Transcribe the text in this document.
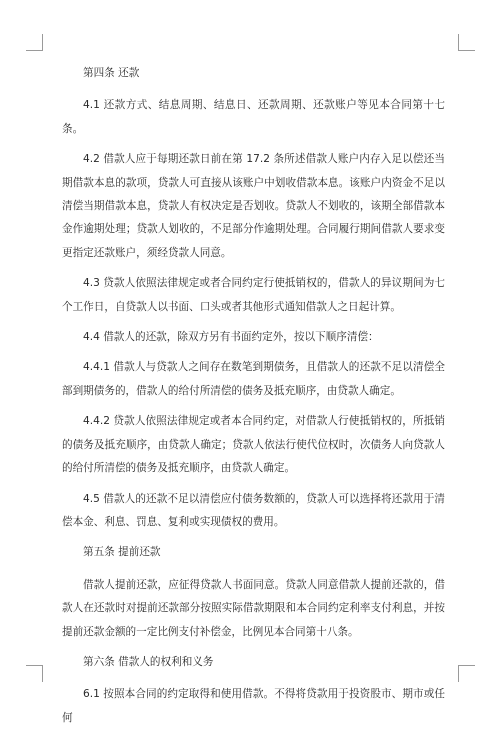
第四条 还款

4.1 还款方式、结息周期、结息日、还款周期、还款账户等见本合同第十七条。

4.2 借款人应于每期还款日前在第 17.2 条所述借款人账户内存入足以偿还当期借款本息的款项，贷款人可直接从该账户中划收借款本息。该账户内资金不足以清偿当期借款本息，贷款人有权决定是否划收。贷款人不划收的，该期全部借款本金作逾期处理；贷款人划收的，不足部分作逾期处理。合同履行期间借款人要求变更指定还款账户，须经贷款人同意。

4.3 贷款人依照法律规定或者合同约定行使抵销权的，借款人的异议期间为七个工作日，自贷款人以书面、口头或者其他形式通知借款人之日起计算。

4.4 借款人的还款，除双方另有书面约定外，按以下顺序清偿：

4.4.1 借款人与贷款人之间存在数笔到期债务，且借款人的还款不足以清偿全部到期债务的，借款人的给付所清偿的债务及抵充顺序，由贷款人确定。

4.4.2 贷款人依照法律规定或者本合同约定，对借款人行使抵销权的，所抵销的债务及抵充顺序，由贷款人确定；贷款人依法行使代位权时，次债务人向贷款人的给付所清偿的债务及抵充顺序，由贷款人确定。

4.5 借款人的还款不足以清偿应付债务数额的，贷款人可以选择将还款用于清偿本金、利息、罚息、复利或实现债权的费用。

第五条 提前还款

借款人提前还款，应征得贷款人书面同意。贷款人同意借款人提前还款的，借款人在还款时对提前还款部分按照实际借款期限和本合同约定利率支付利息，并按提前还款金额的一定比例支付补偿金，比例见本合同第十八条。

第六条 借款人的权利和义务

6.1 按照本合同的约定取得和使用借款。不得将贷款用于投资股市、期市或任何
